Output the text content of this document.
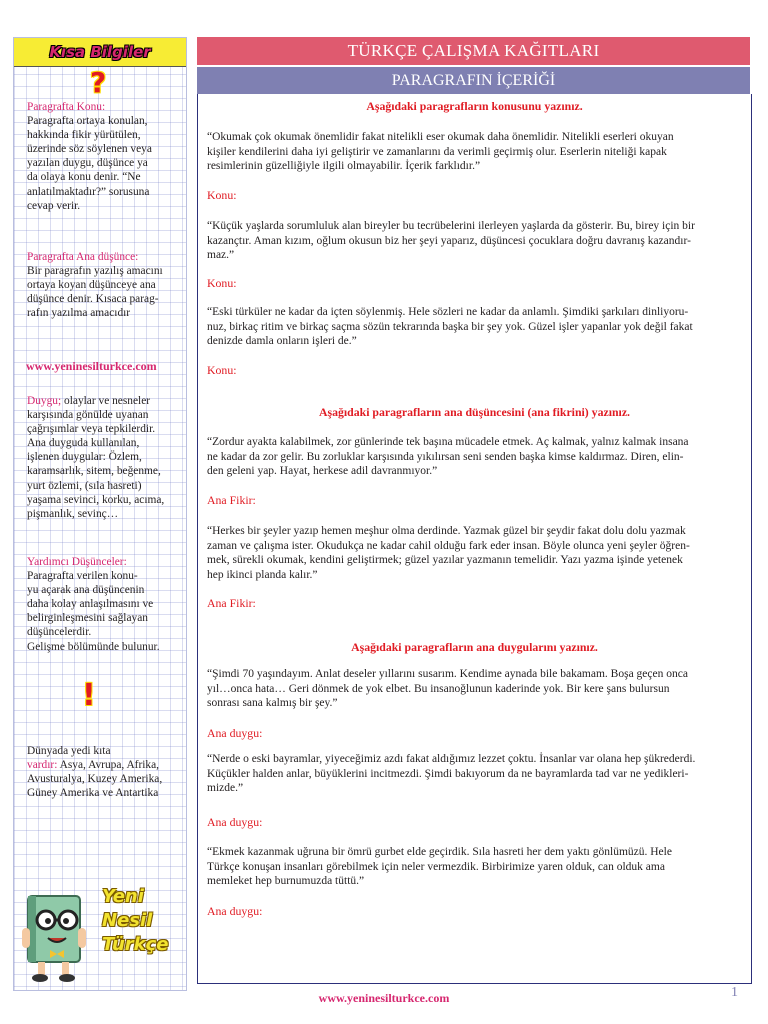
Kısa Bilgiler
?
Paragrafta Konu:
Paragrafta ortaya konulan,
hakkında fikir yürütülen,
üzerinde söz söylenen veya
yazılan duygu, düşünce ya
da olaya konu denir. “Ne
anlatılmaktadır?” sorusuna
cevap verir.
Paragrafta Ana düşünce:
Bir paragrafın yazılış amacını
ortaya koyan düşünceye ana
düşünce denir. Kısaca parag-
rafın yazılma amacıdır
www.yeninesilturkce.com
Duygu; olaylar ve nesneler
karşısında gönülde uyanan
çağrışımlar veya tepkilerdir.
Ana duyguda kullanılan,
işlenen duygular: Özlem,
karamsarlık, sitem, beğenme,
yurt özlemi, (sıla hasreti)
yaşama sevinci, korku, acıma,
pişmanlık, sevinç…
Yardımcı Düşünceler:
Paragrafta verilen konu-
yu açarak ana düşüncenin
daha kolay anlaşılmasını ve
belirginleşmesini sağlayan
düşüncelerdir.
Gelişme bölümünde bulunur.
!
Dünyada yedi kıta
vardır: Asya, Avrupa, Afrika,
Avusturalya, Kuzey Amerika,
Güney Amerika ve Antartika
Yeni
Nesil
Türkçe
TÜRKÇE ÇALIŞMA KAĞITLARI
PARAGRAFIN İÇERİĞİ
Aşağıdaki paragrafların konusunu yazınız.
“Okumak çok okumak önemlidir fakat nitelikli eser okumak daha önemlidir. Nitelikli eserleri okuyan
kişiler kendilerini daha iyi geliştirir ve zamanlarını da verimli geçirmiş olur. Eserlerin niteliği kapak
resimlerinin güzelliğiyle ilgili olmayabilir. İçerik farklıdır.”
Konu:
“Küçük yaşlarda sorumluluk alan bireyler bu tecrübelerini ilerleyen yaşlarda da gösterir. Bu, birey için bir
kazançtır. Aman kızım, oğlum okusun biz her şeyi yaparız, düşüncesi çocuklara doğru davranış kazandır-
maz.”
Konu:
“Eski türküler ne kadar da içten söylenmiş. Hele sözleri ne kadar da anlamlı. Şimdiki şarkıları dinliyoru-
nuz, birkaç ritim ve birkaç saçma sözün tekrarında başka bir şey yok. Güzel işler yapanlar yok değil fakat
denizde damla onların işleri de.”
Konu:
Aşağıdaki paragrafların ana düşüncesini (ana fikrini) yazınız.
“Zordur ayakta kalabilmek, zor günlerinde tek başına mücadele etmek. Aç kalmak, yalnız kalmak insana
ne kadar da zor gelir. Bu zorluklar karşısında yıkılırsan seni senden başka kimse kaldırmaz. Diren, elin-
den geleni yap. Hayat, herkese adil davranmıyor.”
Ana Fikir:
“Herkes bir şeyler yazıp hemen meşhur olma derdinde. Yazmak güzel bir şeydir fakat dolu dolu yazmak
zaman ve çalışma ister. Okudukça ne kadar cahil olduğu fark eder insan. Böyle olunca yeni şeyler öğren-
mek, sürekli okumak, kendini geliştirmek; güzel yazılar yazmanın temelidir. Yazı yazma işinde yetenek
hep ikinci planda kalır.”
Ana Fikir:
Aşağıdaki paragrafların ana duygularını yazınız.
“Şimdi 70 yaşındayım. Anlat deseler yıllarını susarım. Kendime aynada bile bakamam. Boşa geçen onca
yıl…onca hata… Geri dönmek de yok elbet. Bu insanoğlunun kaderinde yok. Bir kere şans bulursun
sonrası sana kalmış bir şey.”
Ana duygu:
“Nerde o eski bayramlar, yiyeceğimiz azdı fakat aldığımız lezzet çoktu. İnsanlar var olana hep şükrederdi.
Küçükler halden anlar, büyüklerini incitmezdi. Şimdi bakıyorum da ne bayramlarda tad var ne yedikleri-
mizde.”
Ana duygu:
“Ekmek kazanmak uğruna bir ömrü gurbet elde geçirdik. Sıla hasreti her dem yaktı gönlümüzü. Hele
Türkçe konuşan insanları görebilmek için neler vermezdik. Birbirimize yaren olduk, can olduk ama
memleket hep burnumuzda tüttü.”
Ana duygu:
www.yeninesilturkce.com	1
